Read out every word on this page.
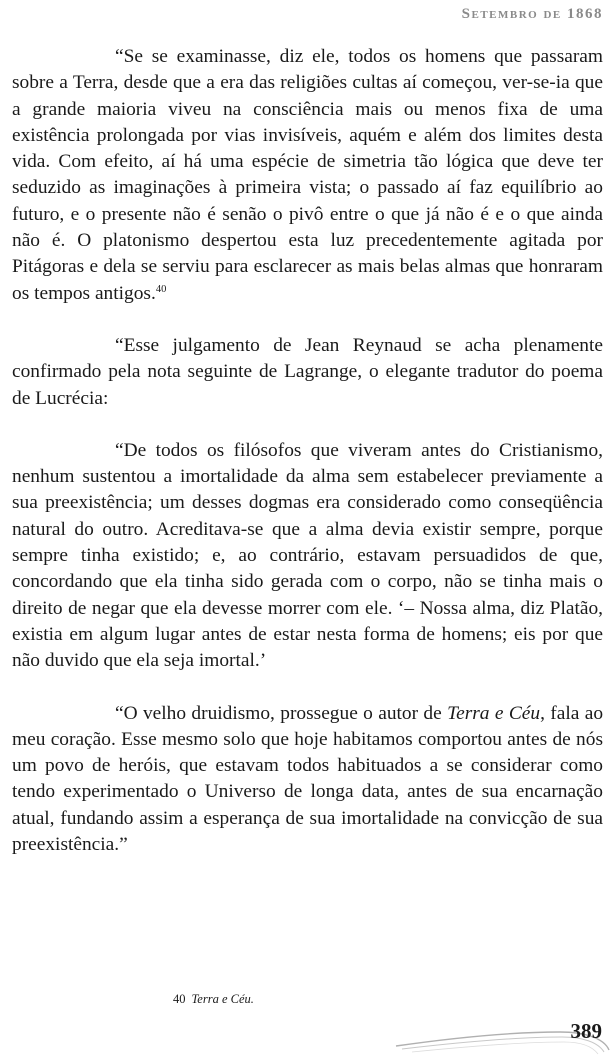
Setembro de 1868

“Se se examinasse, diz ele, todos os homens que passaram sobre a Terra, desde que a era das religiões cultas aí começou, ver-se-ia que a grande maioria viveu na consciência mais ou menos fixa de uma existência prolongada por vias invisíveis, aquém e além dos limites desta vida. Com efeito, aí há uma espécie de simetria tão lógica que deve ter seduzido as imaginações à primeira vista; o passado aí faz equilíbrio ao futuro, e o presente não é senão o pivô entre o que já não é e o que ainda não é. O platonismo despertou esta luz precedentemente agitada por Pitágoras e dela se serviu para esclarecer as mais belas almas que honraram os tempos antigos.$^{40}$

“Esse julgamento de Jean Reynaud se acha plenamente confirmado pela nota seguinte de Lagrange, o elegante tradutor do poema de Lucrécia:

“De todos os filósofos que viveram antes do Cristianismo, nenhum sustentou a imortalidade da alma sem estabelecer previamente a sua preexistência; um desses dogmas era considerado como conseqüência natural do outro. Acreditava-se que a alma devia existir sempre, porque sempre tinha existido; e, ao contrário, estavam persuadidos de que, concordando que ela tinha sido gerada com o corpo, não se tinha mais o direito de negar que ela devesse morrer com ele. ‘– Nossa alma, diz Platão, existia em algum lugar antes de estar nesta forma de homens; eis por que não duvido que ela seja imortal.’

“O velho druidismo, prossegue o autor de Terra e Céu, fala ao meu coração. Esse mesmo solo que hoje habitamos comportou antes de nós um povo de heróis, que estavam todos habituados a se considerar como tendo experimentado o Universo de longa data, antes de sua encarnação atual, fundando assim a esperança de sua imortalidade na convicção de sua preexistência.”

40 Terra e Céu.
389
